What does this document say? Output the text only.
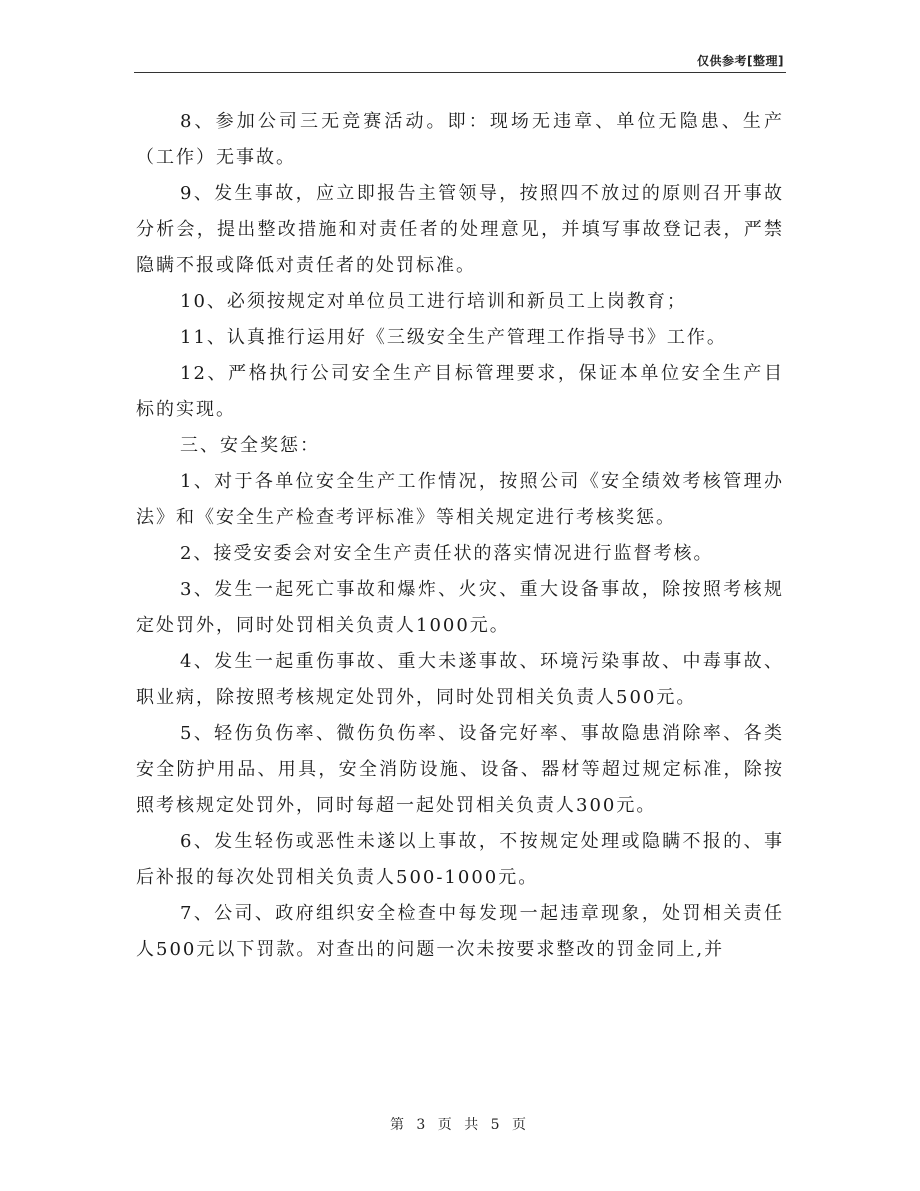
仅供参考[整理]

8、参加公司三无竞赛活动。即：现场无违章、单位无隐患、生产（工作）无事故。

9、发生事故，应立即报告主管领导，按照四不放过的原则召开事故分析会，提出整改措施和对责任者的处理意见，并填写事故登记表，严禁隐瞒不报或降低对责任者的处罚标准。

10、必须按规定对单位员工进行培训和新员工上岗教育；

11、认真推行运用好《三级安全生产管理工作指导书》工作。

12、严格执行公司安全生产目标管理要求，保证本单位安全生产目标的实现。

三、安全奖惩：

1、对于各单位安全生产工作情况，按照公司《安全绩效考核管理办法》和《安全生产检查考评标准》等相关规定进行考核奖惩。

2、接受安委会对安全生产责任状的落实情况进行监督考核。

3、发生一起死亡事故和爆炸、火灾、重大设备事故，除按照考核规定处罚外，同时处罚相关负责人1000元。

4、发生一起重伤事故、重大未遂事故、环境污染事故、中毒事故、职业病，除按照考核规定处罚外，同时处罚相关负责人500元。

5、轻伤负伤率、微伤负伤率、设备完好率、事故隐患消除率、各类安全防护用品、用具，安全消防设施、设备、器材等超过规定标准，除按照考核规定处罚外，同时每超一起处罚相关负责人300元。

6、发生轻伤或恶性未遂以上事故，不按规定处理或隐瞒不报的、事后补报的每次处罚相关负责人500-1000元。

7、公司、政府组织安全检查中每发现一起违章现象，处罚相关责任人500元以下罚款。对查出的问题一次未按要求整改的罚金同上,并

第 3 页 共 5 页
